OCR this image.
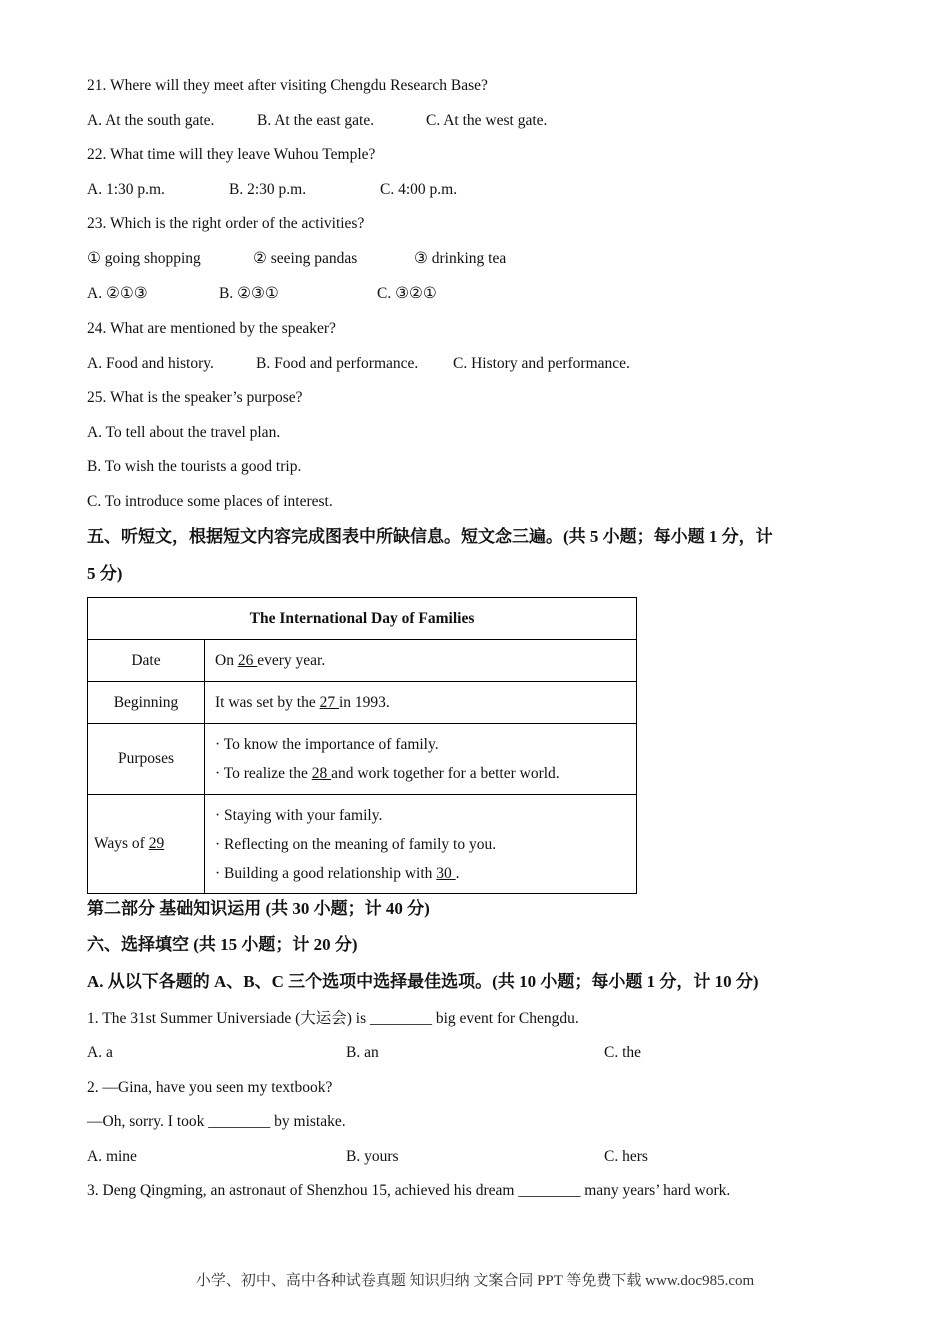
21. Where will they meet after visiting Chengdu Research Base?
A. At the south gate.	B. At the east gate.	C. At the west gate.
22. What time will they leave Wuhou Temple?
A. 1:30 p.m.	B. 2:30 p.m.	C. 4:00 p.m.
23. Which is the right order of the activities?
① going shopping	② seeing pandas	③ drinking tea
A. ②①③	B. ②③①	C. ③②①
24. What are mentioned by the speaker?
A. Food and history.	B. Food and performance. C. History and performance.
25. What is the speaker’s purpose?
A. To tell about the travel plan.
B. To wish the tourists a good trip.
C. To introduce some places of interest.
五、听短文，根据短文内容完成图表中所缺信息。短文念三遍。(共 5 小题；每小题 1 分，计
5 分)
The International Day of Families	
Date	On 26 every year.
Beginning	It was set by the 27 in 1993.
Purposes	· To know the importance of family.
· To realize the 28 and work together for a better world.

Ways of 29	· Staying with your family.
· Reflecting on the meaning of family to you.
· Building a good relationship with 30 .
第二部分 基础知识运用 (共 30 小题；计 40 分)
六、选择填空 (共 15 小题；计 20 分)
A. 从以下各题的 A、B、C 三个选项中选择最佳选项。(共 10 小题；每小题 1 分，计 10 分)
1. The 31st Summer Universiade (大运会) is ________ big event for Chengdu.
A. a	B. an	C. the
2. —Gina, have you seen my textbook?
—Oh, sorry. I took ________ by mistake.
A. mine	B. yours	C. hers
3. Deng Qingming, an astronaut of Shenzhou 15, achieved his dream ________ many years’ hard work.
小学、初中、高中各种试卷真题 知识归纳 文案合同 PPT 等免费下载 www.doc985.com
